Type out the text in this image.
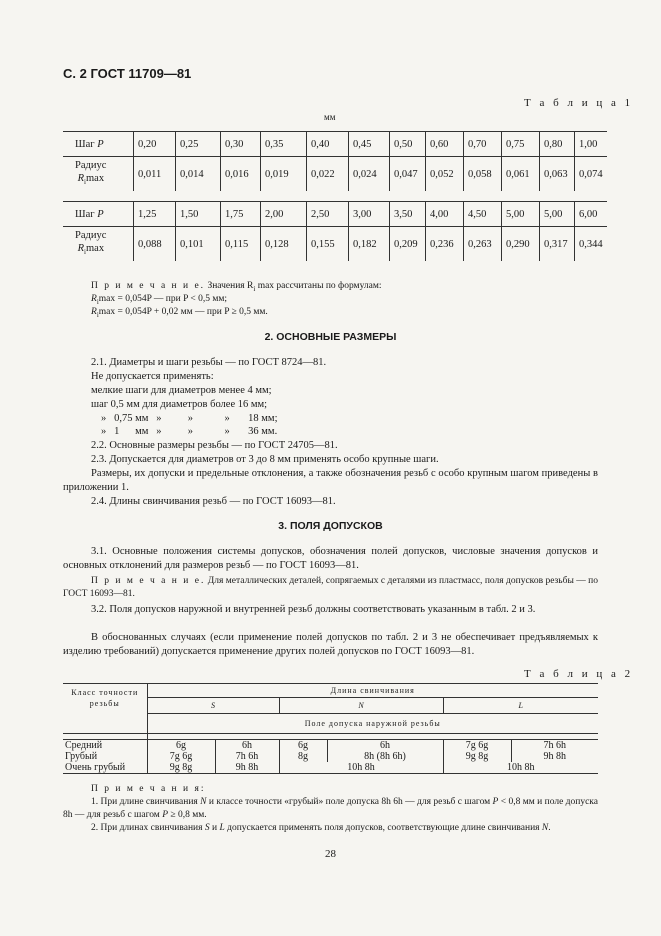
С. 2 ГОСТ 11709—81
Т а б л и ц а 1
мм
Шаг P	0,20	0,25	0,30	0,35	0,40	0,45	0,50	0,60	0,70	0,75	0,80	1,00
Радиус
$R_i\max$	0,011	0,014	0,016	0,019	0,022	0,024	0,047	0,052	0,058	0,061	0,063	0,074
Шаг P	1,25	1,50	1,75	2,00	2,50	3,00	3,50	4,00	4,50	5,00	5,00	6,00
Радиус
$R_i\max$	0,088	0,101	0,115	0,128	0,155	0,182	0,209	0,236	0,263	0,290	0,317	0,344
П р и м е ч а н и е. Значения $R_i$ max рассчитаны по формулам:
$R_i\max = 0,054P$ — при P < 0,5 мм;
$R_i\max = 0,054P + 0,02$ мм — при P ≥ 0,5 мм.
2. ОСНОВНЫЕ РАЗМЕРЫ
2.1. Диаметры и шаги резьбы — по ГОСТ 8724—81.
Не допускается применять:
мелкие шаги для диаметров менее 4 мм;
шаг 0,5 мм для диаметров более 16 мм;
»   0,75 мм   »          »            »       18 мм;
»   1      мм   »          »            »       36 мм.
2.2. Основные размеры резьбы — по ГОСТ 24705—81.
2.3. Допускается для диаметров от 3 до 8 мм применять особо крупные шаги.
Размеры, их допуски и предельные отклонения, а также обозначения резьб с особо крупным шагом приведены в приложении 1.
2.4. Длины свинчивания резьб — по ГОСТ 16093—81.
3. ПОЛЯ ДОПУСКОВ
3.1. Основные положения системы допусков, обозначения полей допусков, числовые значения допусков и основных отклонений для размеров резьб — по ГОСТ 16093—81.
П р и м е ч а н и е. Для металлических деталей, сопрягаемых с деталями из пластмасс, поля допусков резьбы — по ГОСТ 16093—81.
3.2. Поля допусков наружной и внутренней резьб должны соответствовать указанным в табл. 2 и 3.
В обоснованных случаях (если применение полей допусков по табл. 2 и 3 не обеспечивает предъявляемых к изделию требований) допускается применение других полей допусков по ГОСТ 16093—81.
Т а б л и ц а 2
Класс точности резьбы	Длина свинчивания					
	S		N		L	
	Поле допуска наружной резьбы					

Средний	6g	6h	6g	6h	7g 6g	7h 6h
Грубый	7g 6g	7h 6h	8g	8h (8h 6h)	9g 8g	9h 8h
Очень грубый	9g 8g	9h 8h	10h 8h		10h 8h	
П р и м е ч а н и я:
1. При длине свинчивания N и классе точности «грубый» поле допуска 8h 6h — для резьб с шагом P < 0,8 мм и поле допуска 8h — для резьб с шагом P ≥ 0,8 мм.
2. При длинах свинчивания S и L допускается применять поля допусков, соответствующие длине свинчивания N.
28
